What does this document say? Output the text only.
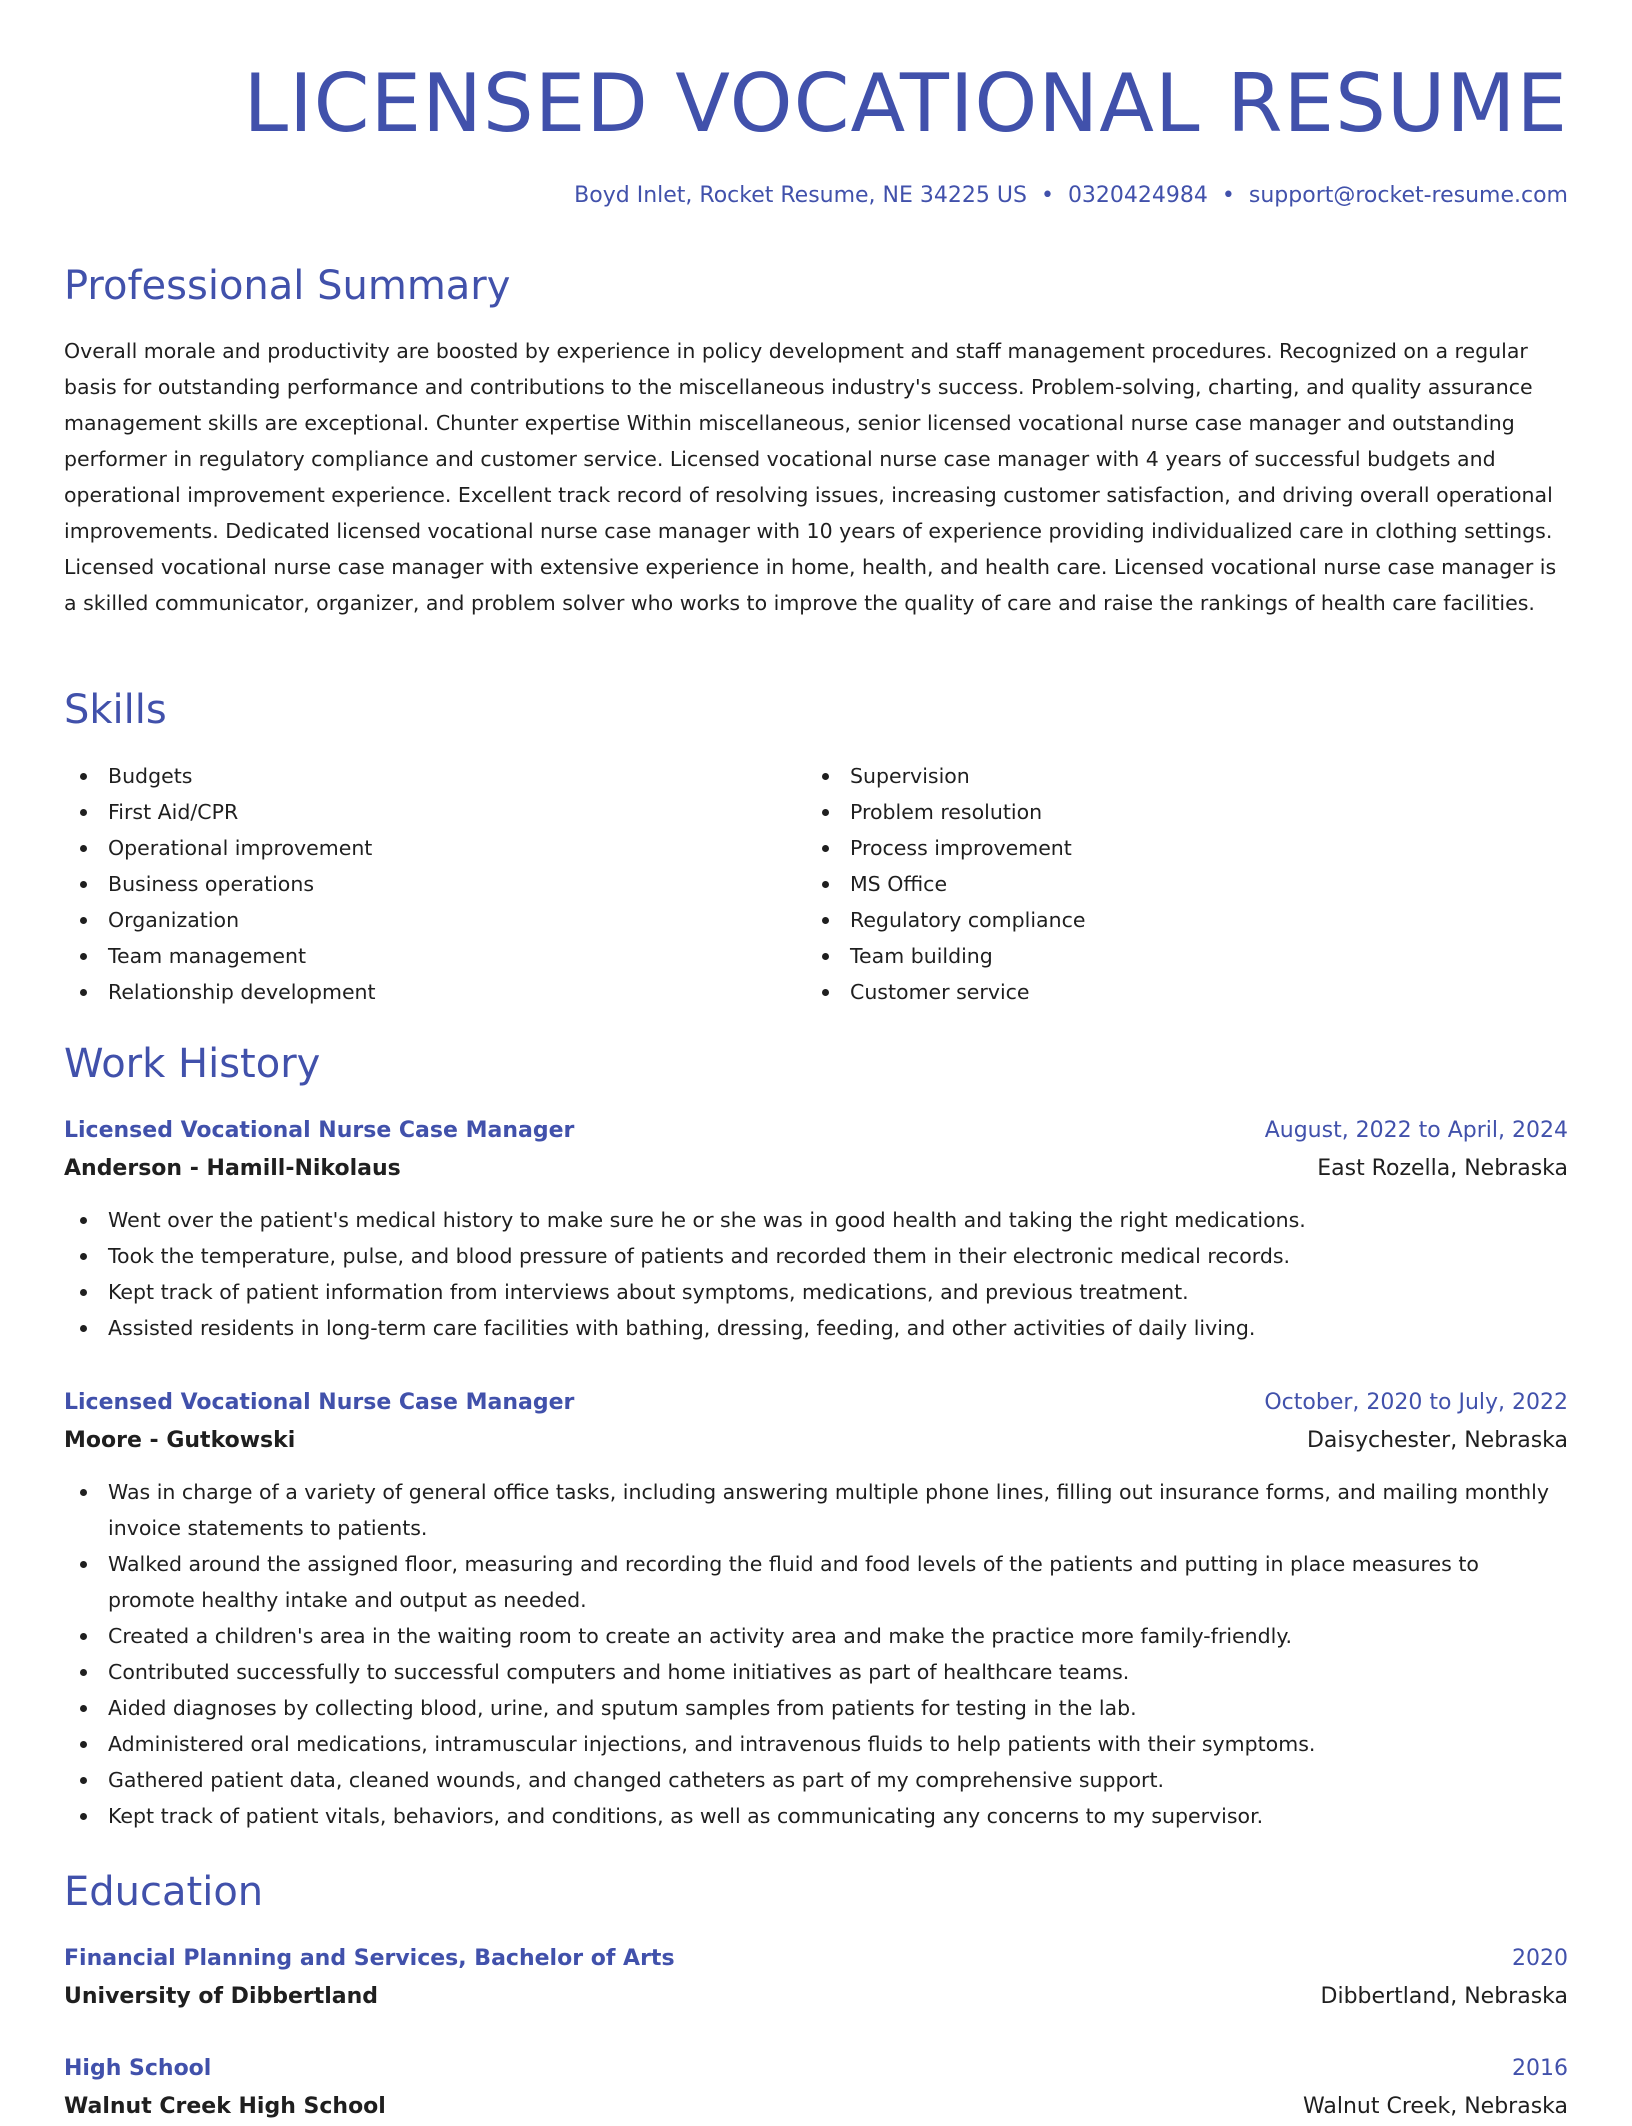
LICENSED VOCATIONAL RESUME
Boyd Inlet, Rocket Resume, NE 34225 US • 0320424984 • support@rocket-resume.com
Professional Summary

Overall morale and productivity are boosted by experience in policy development and staff management procedures. Recognized on a regular basis for outstanding performance and contributions to the miscellaneous industry's success. Problem-solving, charting, and quality assurance management skills are exceptional. Chunter expertise Within miscellaneous, senior licensed vocational nurse case manager and outstanding performer in regulatory compliance and customer service. Licensed vocational nurse case manager with 4 years of successful budgets and operational improvement experience. Excellent track record of resolving issues, increasing customer satisfaction, and driving overall operational improvements. Dedicated licensed vocational nurse case manager with 10 years of experience providing individualized care in clothing settings. Licensed vocational nurse case manager with extensive experience in home, health, and health care. Licensed vocational nurse case manager is a skilled communicator, organizer, and problem solver who works to improve the quality of care and raise the rankings of health care facilities.

Skills
Budgets
First Aid/CPR
Operational improvement
Business operations
Organization
Team management
Relationship development
Supervision
Problem resolution
Process improvement
MS Office
Regulatory compliance
Team building
Customer service
Work History
Licensed Vocational Nurse Case Manager	August, 2022 to April, 2024
Anderson - Hamill-Nikolaus	East Rozella, Nebraska
Went over the patient's medical history to make sure he or she was in good health and taking the right medications.
Took the temperature, pulse, and blood pressure of patients and recorded them in their electronic medical records.
Kept track of patient information from interviews about symptoms, medications, and previous treatment.
Assisted residents in long-term care facilities with bathing, dressing, feeding, and other activities of daily living.
Licensed Vocational Nurse Case Manager	October, 2020 to July, 2022
Moore - Gutkowski	Daisychester, Nebraska
Was in charge of a variety of general office tasks, including answering multiple phone lines, filling out insurance forms, and mailing monthly invoice statements to patients.
Walked around the assigned floor, measuring and recording the fluid and food levels of the patients and putting in place measures to promote healthy intake and output as needed.
Created a children's area in the waiting room to create an activity area and make the practice more family-friendly.
Contributed successfully to successful computers and home initiatives as part of healthcare teams.
Aided diagnoses by collecting blood, urine, and sputum samples from patients for testing in the lab.
Administered oral medications, intramuscular injections, and intravenous fluids to help patients with their symptoms.
Gathered patient data, cleaned wounds, and changed catheters as part of my comprehensive support.
Kept track of patient vitals, behaviors, and conditions, as well as communicating any concerns to my supervisor.
Education
Financial Planning and Services, Bachelor of Arts	2020
University of Dibbertland	Dibbertland, Nebraska
High School	2016
Walnut Creek High School	Walnut Creek, Nebraska
